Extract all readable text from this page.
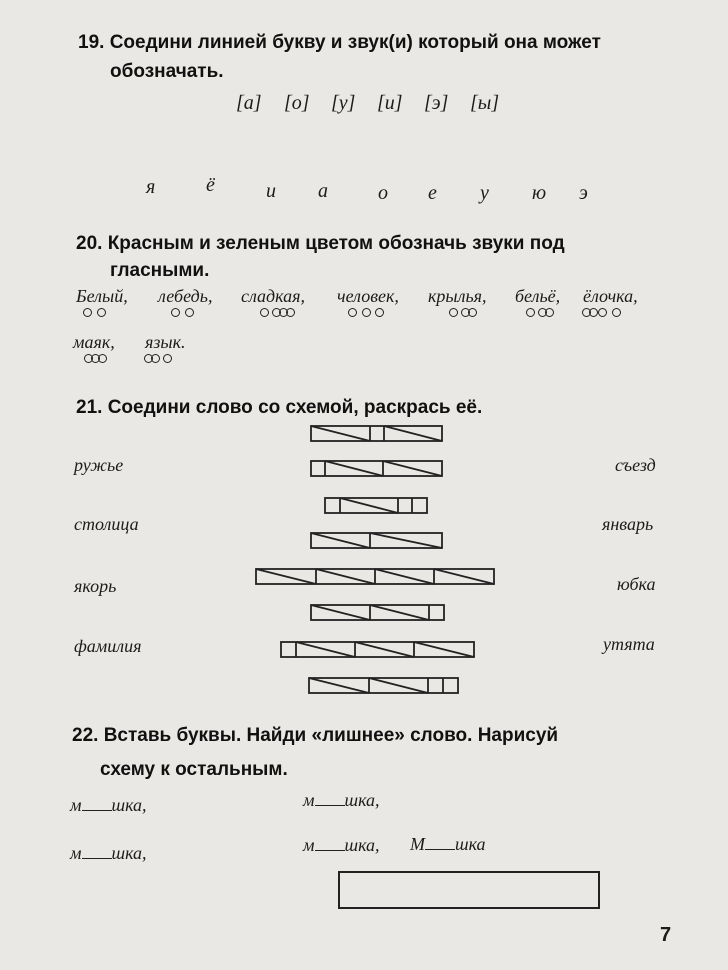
19. Соедини линией букву и звук(и) который она может
обозначать.
[а] [о] [у] [и] [э] [ы]
я	ё	и а	о е у ю э
20. Красным и зеленым цветом обозначь звуки под
гласными.
Белый,
лебедь,
сладкая,
человек,
крылья,
бельё,
ёлочка,

маяк, язык.

21. Соедини слово со схемой, раскрась её.
ружье
столица
якорь
фамилия
съезд
январь
юбка
утята
22. Вставь буквы. Найди «лишнее» слово. Нарисуй
схему к остальным.
м шка,	м шка,
м шка,	м шка, М шка
7
